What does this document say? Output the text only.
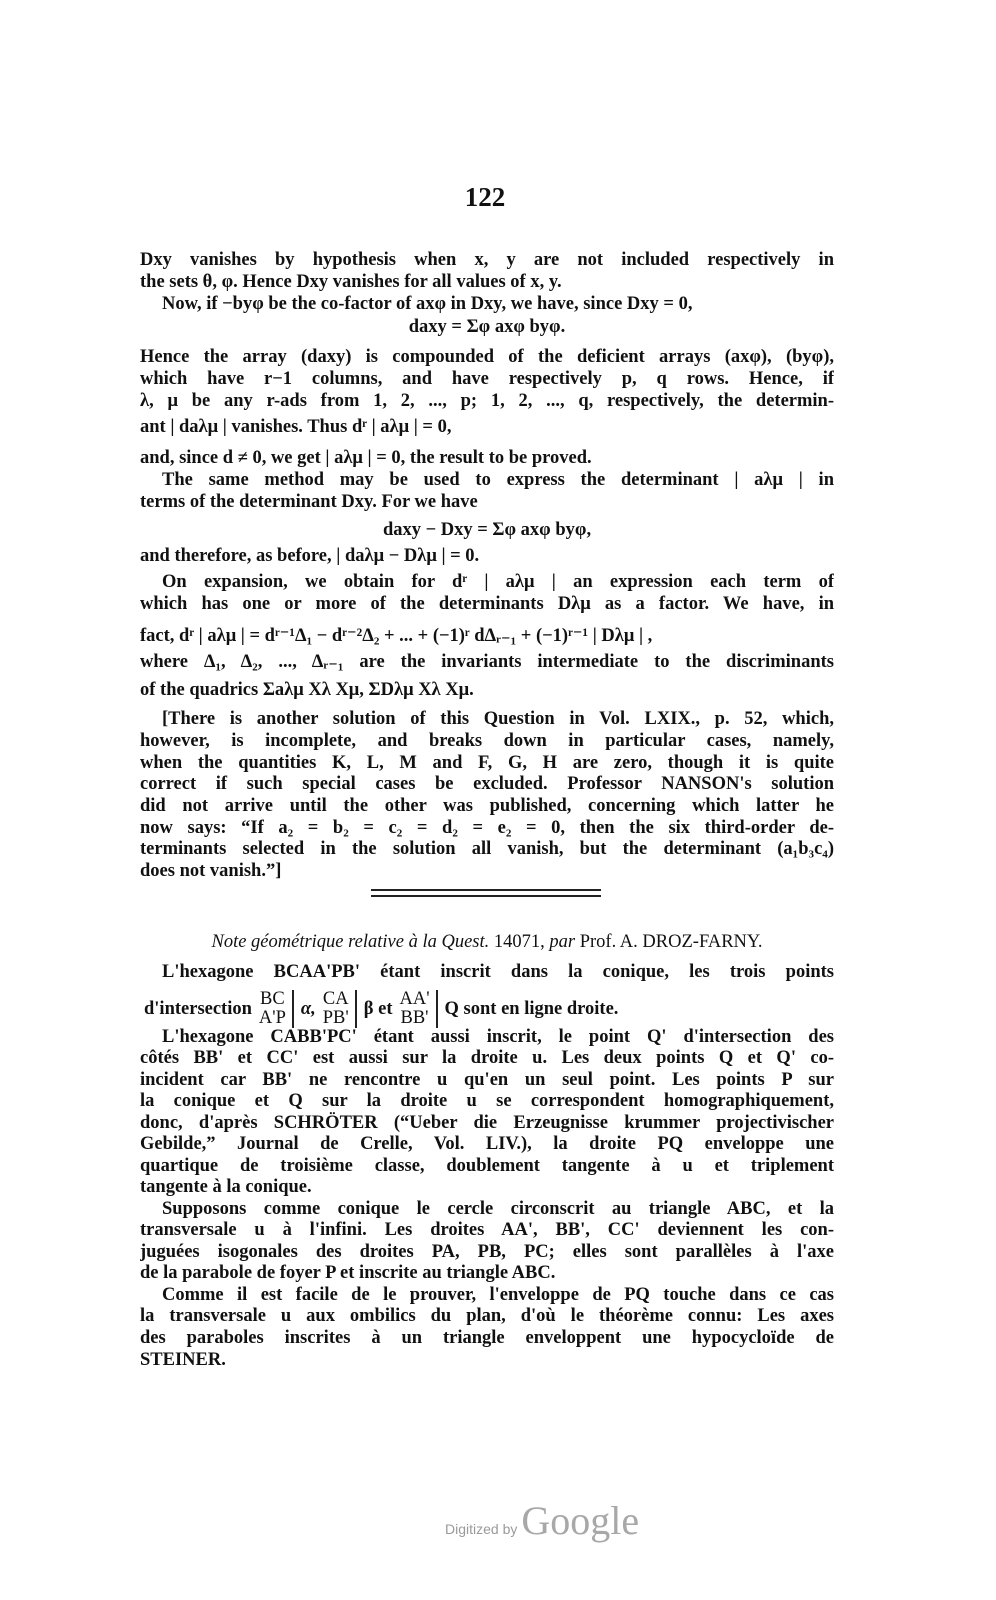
122
Dxy vanishes by hypothesis when x, y are not included respectively in
the sets θ, φ. Hence Dxy vanishes for all values of x, y.
Now, if −byφ be the co-factor of axφ in Dxy, we have, since Dxy = 0,
daxy = Σφ axφ byφ.
Hence the array (daxy) is compounded of the deficient arrays (axφ), (byφ),
which have r−1 columns, and have respectively p, q rows. Hence, if
λ, μ be any r-ads from 1, 2, ..., p; 1, 2, ..., q, respectively, the determin-
ant | daλμ | vanishes. Thus dʳ | aλμ | = 0,
and, since d ≠ 0, we get | aλμ | = 0, the result to be proved.
The same method may be used to express the determinant | aλμ | in
terms of the determinant Dxy. For we have
daxy − Dxy = Σφ axφ byφ,
and therefore, as before, | daλμ − Dλμ | = 0.
On expansion, we obtain for dʳ | aλμ | an expression each term of
which has one or more of the determinants Dλμ as a factor. We have, in
fact, dʳ | aλμ | = dʳ⁻¹Δ₁ − dʳ⁻²Δ₂ + ... + (−1)ʳ dΔᵣ₋₁ + (−1)ʳ⁻¹ | Dλμ | ,
where Δ₁, Δ₂, ..., Δᵣ₋₁ are the invariants intermediate to the discriminants
of the quadrics Σaλμ Xλ Xμ, ΣDλμ Xλ Xμ.
[There is another solution of this Question in Vol. LXIX., p. 52, which,
however, is incomplete, and breaks down in particular cases, namely,
when the quantities K, L, M and F, G, H are zero, though it is quite
correct if such special cases be excluded. Professor NANSON's solution
did not arrive until the other was published, concerning which latter he
now says: “If a₂ = b₂ = c₂ = d₂ = e₂ = 0, then the six third-order de-
terminants selected in the solution all vanish, but the determinant (a₁b₃c₄)
does not vanish.”]
Note géométrique relative à la Quest. 14071, par Prof. A. DROZ-FARNY.
L'hexagone BCAA'PB' étant inscrit dans la conique, les trois points
d'intersection BC
A'P α, CA
PB' β et AA'
BB' Q sont en ligne droite.
L'hexagone CABB'PC' étant aussi inscrit, le point Q' d'intersection des
côtés BB' et CC' est aussi sur la droite u. Les deux points Q et Q' co-
incident car BB' ne rencontre u qu'en un seul point. Les points P sur
la conique et Q sur la droite u se correspondent homographiquement,
donc, d'après SCHRÖTER (“Ueber die Erzeugnisse krummer projectivischer
Gebilde,” Journal de Crelle, Vol. LIV.), la droite PQ enveloppe une
quartique de troisième classe, doublement tangente à u et triplement
tangente à la conique.
Supposons comme conique le cercle circonscrit au triangle ABC, et la
transversale u à l'infini. Les droites AA', BB', CC' deviennent les con-
juguées isogonales des droites PA, PB, PC; elles sont parallèles à l'axe
de la parabole de foyer P et inscrite au triangle ABC.
Comme il est facile de le prouver, l'enveloppe de PQ touche dans ce cas
la transversale u aux ombilics du plan, d'où le théorème connu: Les axes
des paraboles inscrites à un triangle enveloppent une hypocycloïde de
STEINER.
Digitized by Google
